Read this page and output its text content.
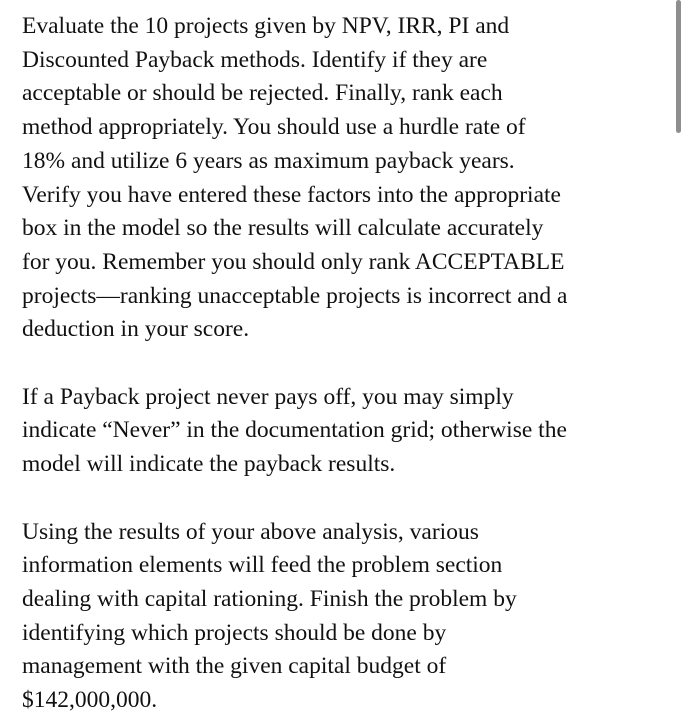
Evaluate the 10 projects given by NPV, IRR, PI and
Discounted Payback methods. Identify if they are
acceptable or should be rejected. Finally, rank each
method appropriately. You should use a hurdle rate of
18% and utilize 6 years as maximum payback years.
Verify you have entered these factors into the appropriate
box in the model so the results will calculate accurately
for you. Remember you should only rank ACCEPTABLE
projects—ranking unacceptable projects is incorrect and a
deduction in your score.
If a Payback project never pays off, you may simply
indicate “Never” in the documentation grid; otherwise the
model will indicate the payback results.
Using the results of your above analysis, various
information elements will feed the problem section
dealing with capital rationing. Finish the problem by
identifying which projects should be done by
management with the given capital budget of
$142,000,000.
